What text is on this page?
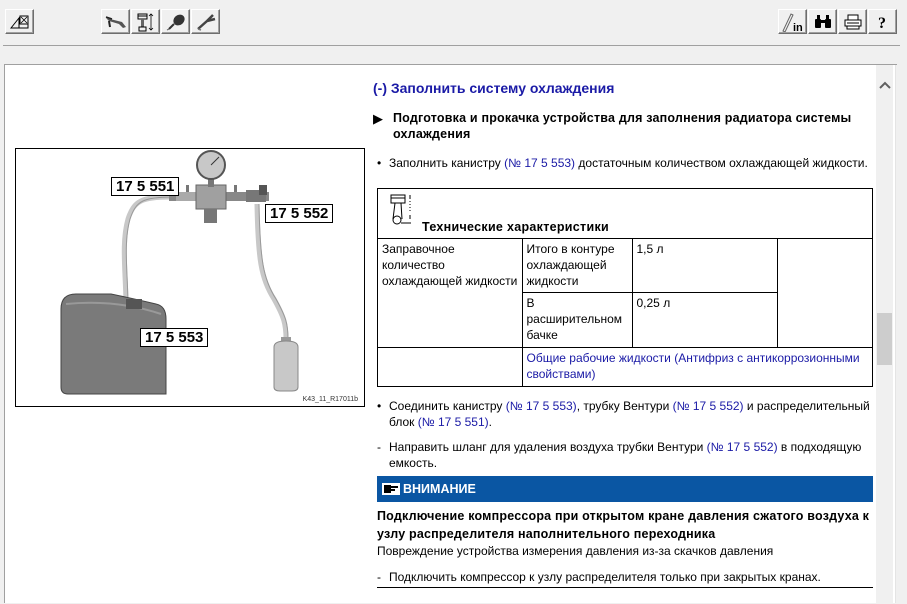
in	?
17 5 551
17 5 552
17 5 553
K43_11_R17011b
(-) Заполнить систему охлаждения
▶ Подготовка и прокачка устройства для заполнения радиатора системы охлаждения
• Заполнить канистру (№ 17 5 553) достаточным количеством охлаждающей жидкости.
Технические характеристики
Заправочное количество охлаждающей жидкости	Итого в контуре охлаждающей жидкости	1,5 л	
	В расширительном бачке	0,25 л	
	Общие рабочие жидкости (Антифриз с антикоррозионными свойствами)		
• Соединить канистру (№ 17 5 553), трубку Вентури (№ 17 5 552) и распределительный блок (№ 17 5 551).
- Направить шланг для удаления воздуха трубки Вентури (№ 17 5 552) в подходящую емкость.
ВНИМАНИЕ
Подключение компрессора при открытом кране давления сжатого воздуха к узлу распределителя наполнительного переходника
Повреждение устройства измерения давления из-за скачков давления
- Подключить компрессор к узлу распределителя только при закрытых кранах.
